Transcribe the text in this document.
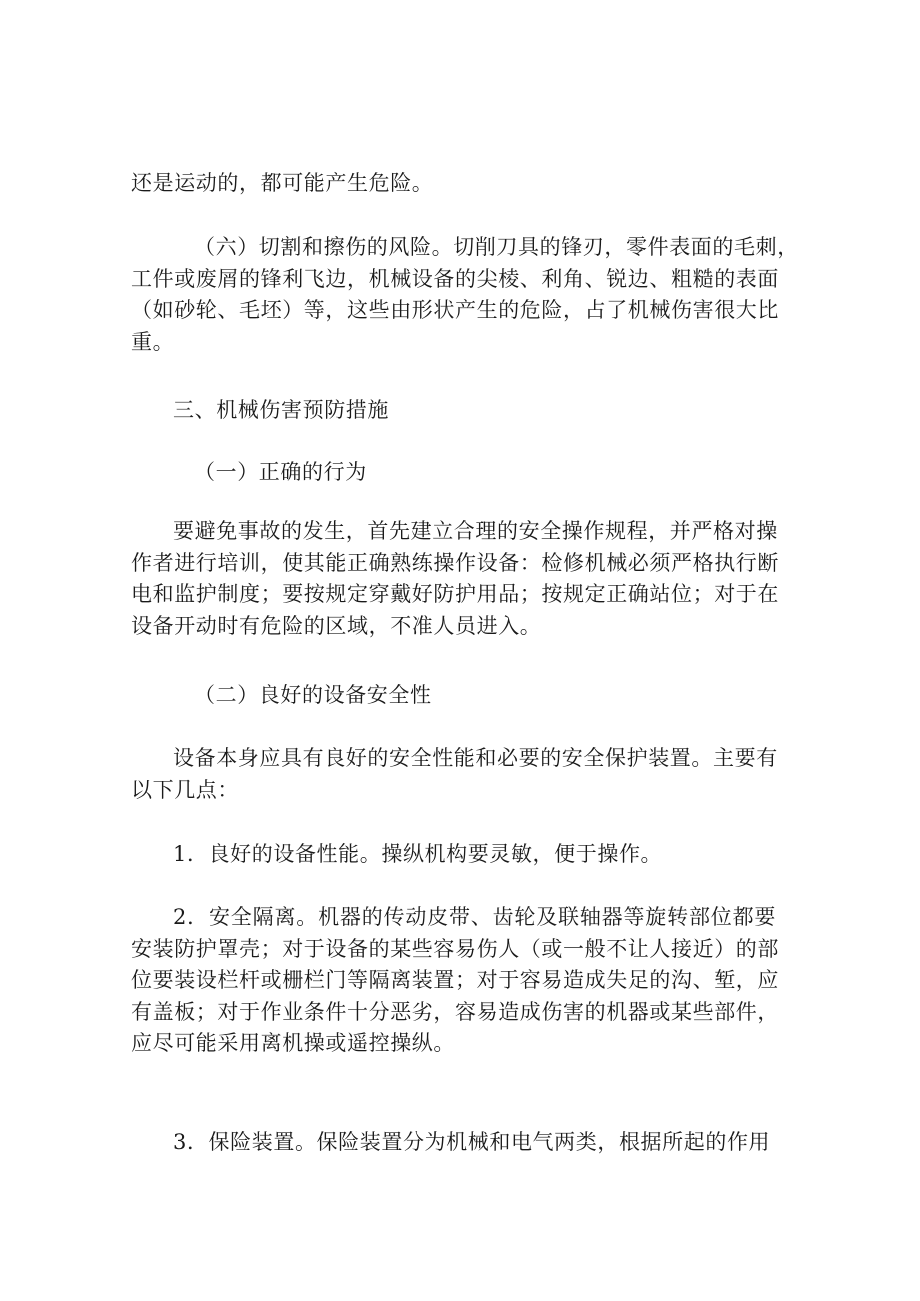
还是运动的，都可能产生危险。
（六）切割和擦伤的风险。切削刀具的锋刃，零件表面的毛刺，
工件或废屑的锋利飞边，机械设备的尖棱、利角、锐边、粗糙的表面
（如砂轮、毛坯）等，这些由形状产生的危险，占了机械伤害很大比
重。
三、机械伤害预防措施
（一）正确的行为
要避免事故的发生，首先建立合理的安全操作规程，并严格对操
作者进行培训，使其能正确熟练操作设备：检修机械必须严格执行断
电和监护制度；要按规定穿戴好防护用品；按规定正确站位；对于在
设备开动时有危险的区域，不准人员进入。
（二）良好的设备安全性
设备本身应具有良好的安全性能和必要的安全保护装置。主要有
以下几点：
1．良好的设备性能。操纵机构要灵敏，便于操作。
2．安全隔离。机器的传动皮带、齿轮及联轴器等旋转部位都要
安装防护罩壳；对于设备的某些容易伤人（或一般不让人接近）的部
位要装设栏杆或栅栏门等隔离装置；对于容易造成失足的沟、堑，应
有盖板；对于作业条件十分恶劣，容易造成伤害的机器或某些部件，
应尽可能采用离机操或遥控操纵。
3．保险装置。保险装置分为机械和电气两类，根据所起的作用
